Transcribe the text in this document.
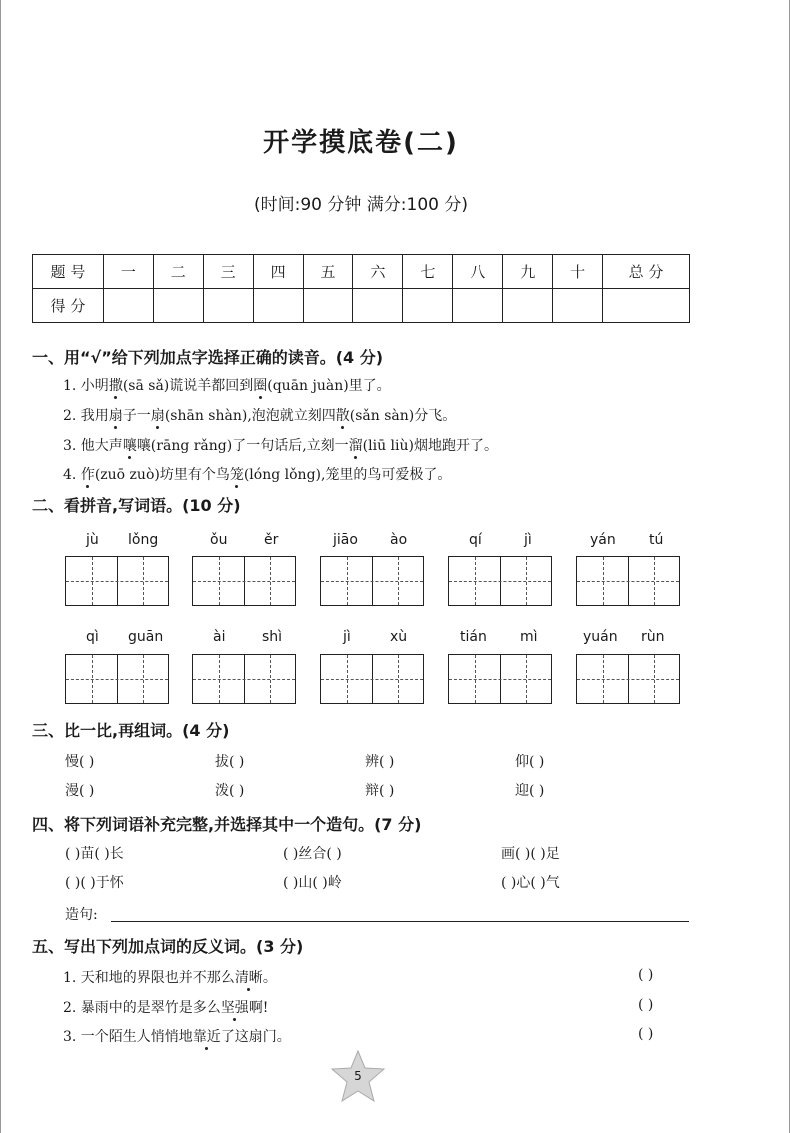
开学摸底卷(二)
(时间:90 分钟 满分:100 分)
题 号	一	二	三	四	五	六	七	八	九	十	总 分
得 分											
一、用“√”给下列加点字选择正确的读音。(4 分)
1. 小明撒(sā sǎ)谎说羊都回到圈(quān juàn)里了。
2. 我用扇子一扇(shān shàn),泡泡就立刻四散(sǎn sàn)分飞。
3. 他大声嚷嚷(rāng rǎng)了一句话后,立刻一溜(liū liù)烟地跑开了。
4. 作(zuō zuò)坊里有个鸟笼(lóng lǒng),笼里的鸟可爱极了。
二、看拼音,写词语。(10 分)
jù lǒng	ǒu	ěr	jiāo ào	qí	jì	yán tú
qì guān	ài	shì	jì	xù	tián mì	yuán rùn
三、比一比,再组词。(4 分)
慢( )	拔( )	辨( )	仰( )
漫( )	泼( )	辩( )	迎( )
四、将下列词语补充完整,并选择其中一个造句。(7 分)
( )苗( )长	( )丝合( )	画( )( )足
( )( )于怀	( )山( )岭	( )心( )气
造句:
五、写出下列加点词的反义词。(3 分)
1. 天和地的界限也并不那么清晰。	( )
2. 暴雨中的是翠竹是多么坚强啊!	( )
3. 一个陌生人悄悄地靠近了这扇门。	( )
5
